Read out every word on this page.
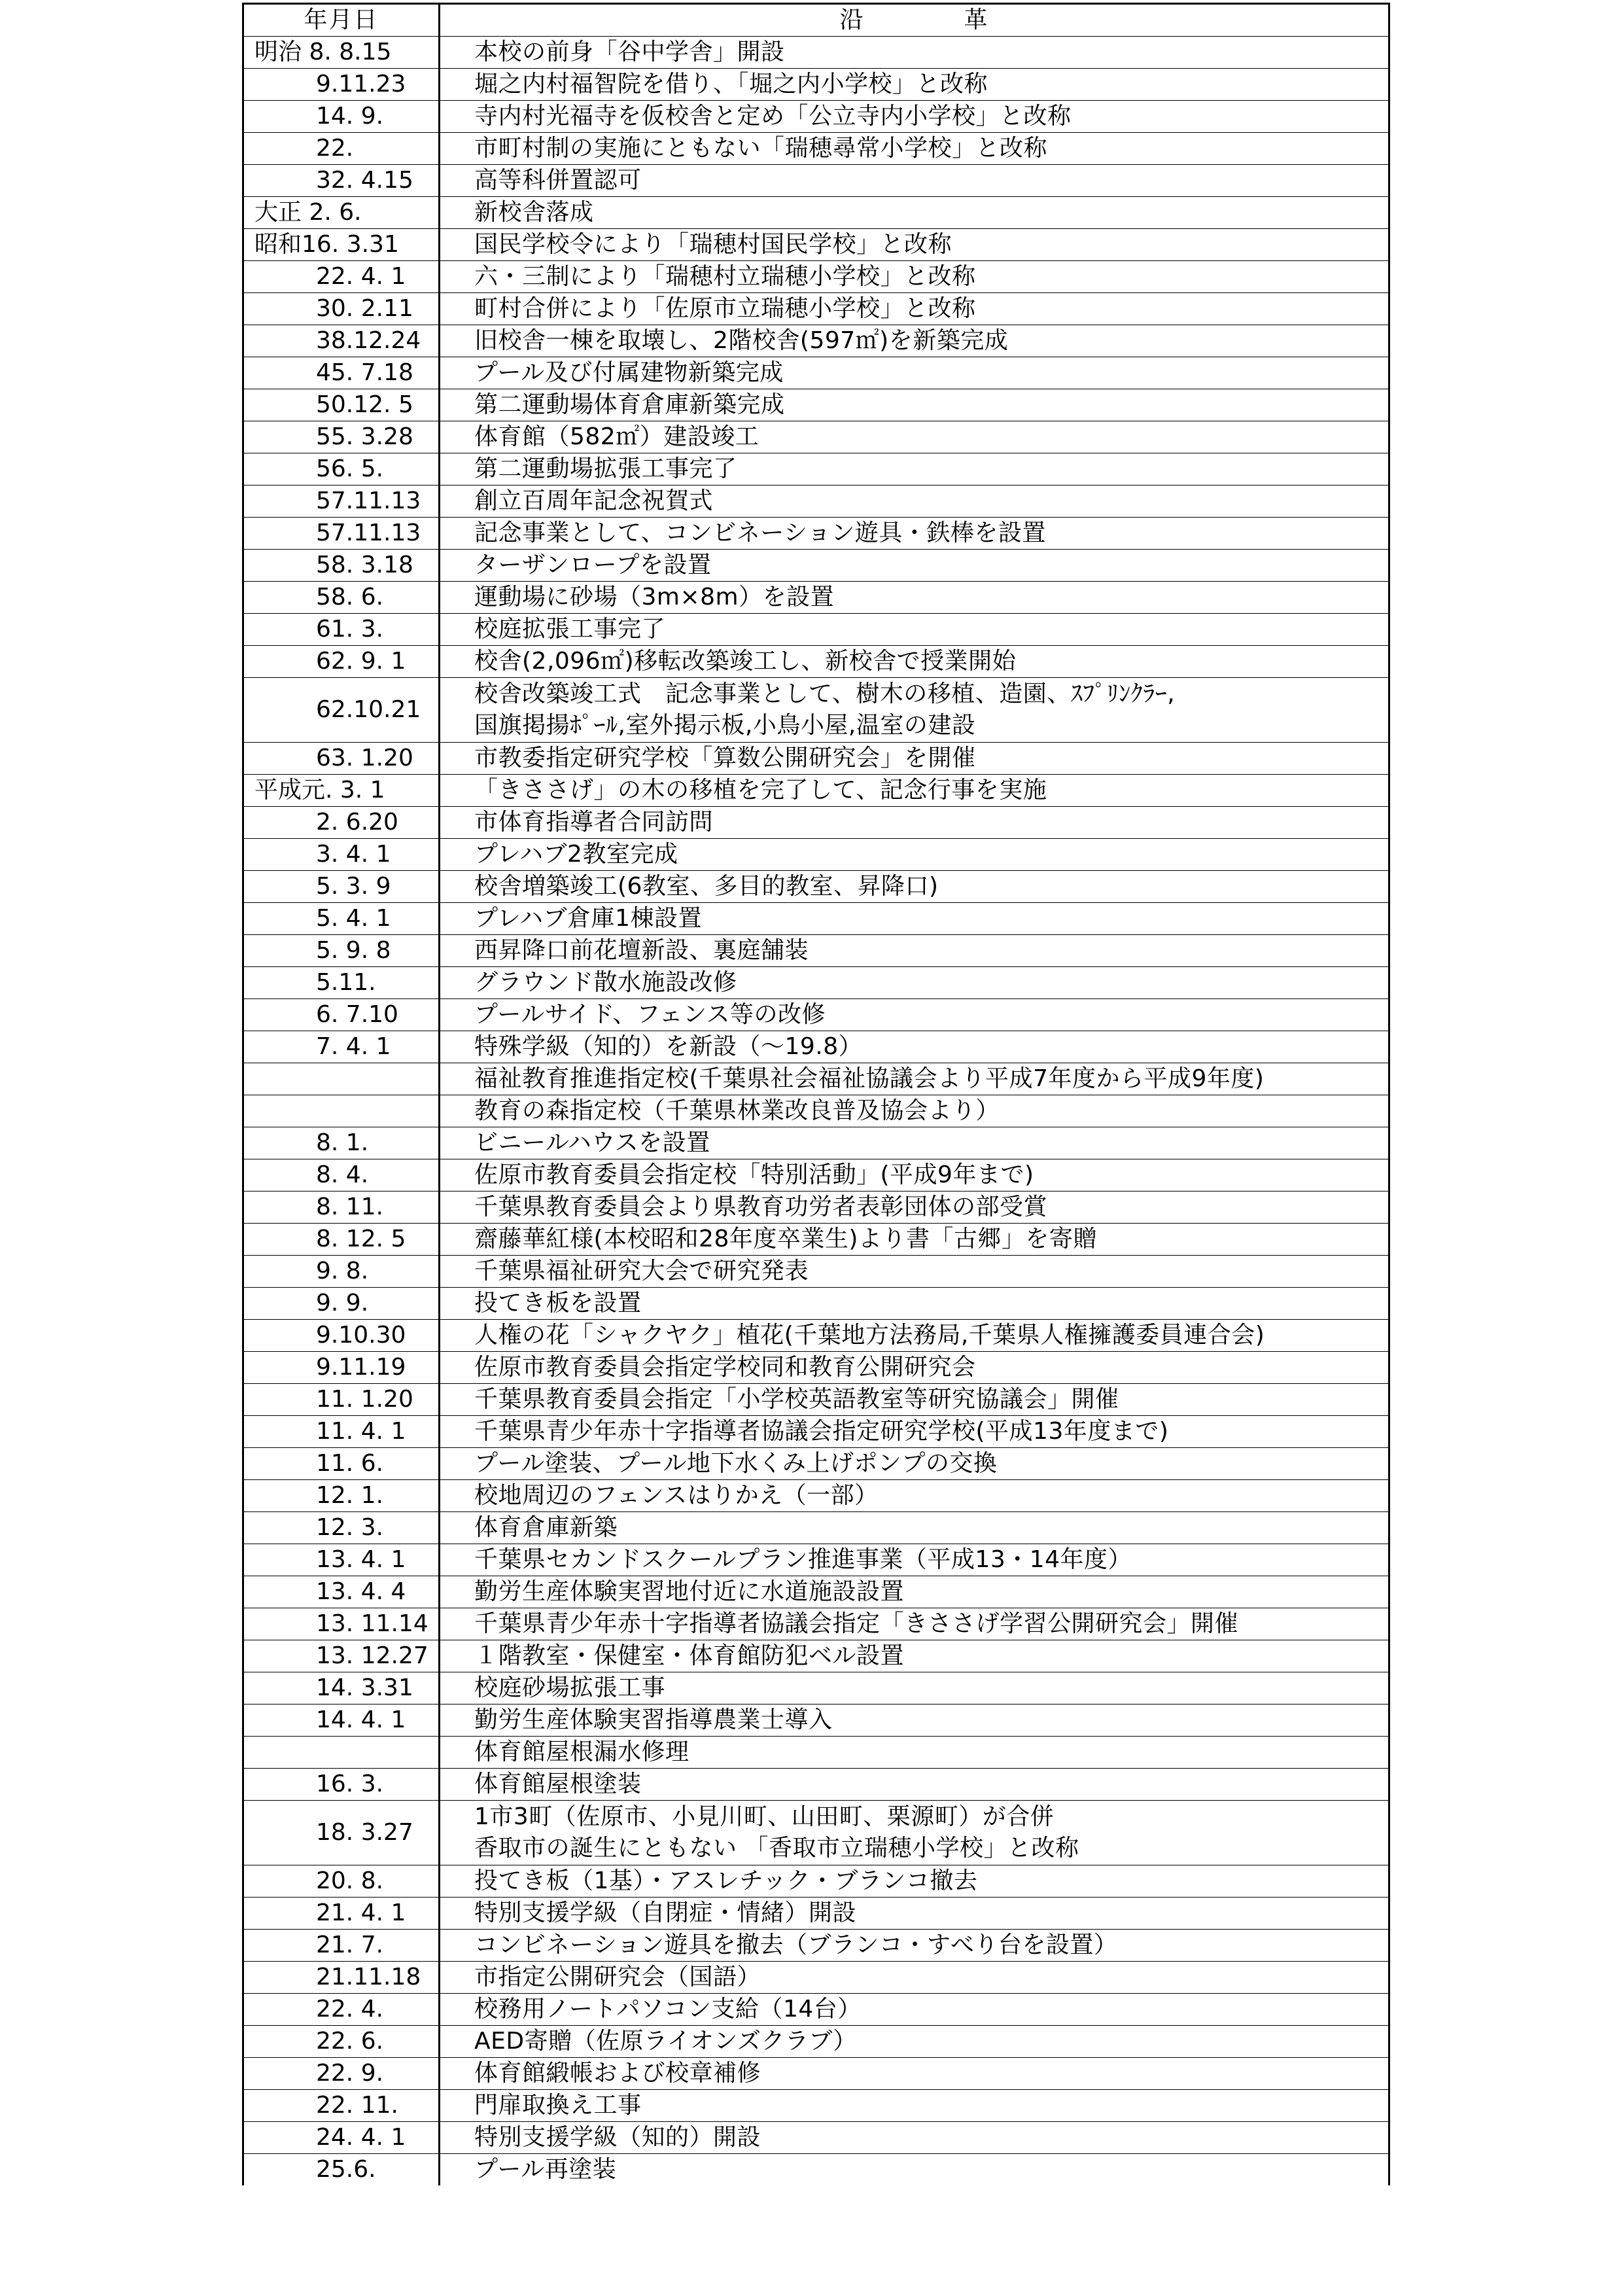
年月日	沿　　　　革
明治 8. 8.15	本校の前身「谷中学舎」開設

9.11.23	堀之内村福智院を借り、「堀之内小学校」と改称

14. 9.	寺内村光福寺を仮校舎と定め「公立寺内小学校」と改称

22.	市町村制の実施にともない「瑞穂尋常小学校」と改称

32. 4.15	高等科併置認可

大正 2. 6.	新校舎落成

昭和16. 3.31	国民学校令により「瑞穂村国民学校」と改称

22. 4. 1	六・三制により「瑞穂村立瑞穂小学校」と改称

30. 2.11	町村合併により「佐原市立瑞穂小学校」と改称

38.12.24	旧校舎一棟を取壊し、2階校舎(597㎡)を新築完成

45. 7.18	プール及び付属建物新築完成

50.12. 5	第二運動場体育倉庫新築完成

55. 3.28	体育館（582㎡）建設竣工

56. 5.	第二運動場拡張工事完了

57.11.13	創立百周年記念祝賀式

57.11.13	記念事業として、コンビネーション遊具・鉄棒を設置

58. 3.18	ターザンロープを設置

58. 6.	運動場に砂場（3m×8m）を設置

61. 3.	校庭拡張工事完了

62. 9. 1	校舎(2,096㎡)移転改築竣工し、新校舎で授業開始

62.10.21	校舎改築竣工式　記念事業として、樹木の移植、造園、ｽﾌﾟﾘﾝｸﾗｰ,
国旗掲揚ﾎﾟｰﾙ,室外掲示板,小鳥小屋,温室の建設

63. 1.20	市教委指定研究学校「算数公開研究会」を開催

平成元. 3. 1	「きささげ」の木の移植を完了して、記念行事を実施

2. 6.20	市体育指導者合同訪問

3. 4. 1	プレハブ2教室完成

5. 3. 9	校舎増築竣工(6教室、多目的教室、昇降口)

5. 4. 1	プレハブ倉庫1棟設置

5. 9. 8	西昇降口前花壇新設、裏庭舗装

5.11.	グラウンド散水施設改修

6. 7.10	プールサイド、フェンス等の改修

7. 4. 1	特殊学級（知的）を新設（～19.8）

	福祉教育推進指定校(千葉県社会福祉協議会より平成7年度から平成9年度)

	教育の森指定校（千葉県林業改良普及協会より）

8. 1.	ビニールハウスを設置

8. 4.	佐原市教育委員会指定校「特別活動」(平成9年まで)

8. 11.	千葉県教育委員会より県教育功労者表彰団体の部受賞

8. 12. 5	齋藤華紅様(本校昭和28年度卒業生)より書「古郷」を寄贈

9. 8.	千葉県福祉研究大会で研究発表

9. 9.	投てき板を設置

9.10.30	人権の花「シャクヤク」植花(千葉地方法務局,千葉県人権擁護委員連合会)

9.11.19	佐原市教育委員会指定学校同和教育公開研究会

11. 1.20	千葉県教育委員会指定「小学校英語教室等研究協議会」開催

11. 4. 1	千葉県青少年赤十字指導者協議会指定研究学校(平成13年度まで)

11. 6.	プール塗装、プール地下水くみ上げポンプの交換

12. 1.	校地周辺のフェンスはりかえ（一部）

12. 3.	体育倉庫新築

13. 4. 1	千葉県セカンドスクールプラン推進事業（平成13・14年度）

13. 4. 4	勤労生産体験実習地付近に水道施設設置

13. 11.14	千葉県青少年赤十字指導者協議会指定「きささげ学習公開研究会」開催

13. 12.27	１階教室・保健室・体育館防犯ベル設置

14. 3.31	校庭砂場拡張工事

14. 4. 1	勤労生産体験実習指導農業士導入

	体育館屋根漏水修理

16. 3.	体育館屋根塗装

18. 3.27	1市3町（佐原市、小見川町、山田町、栗源町）が合併
香取市の誕生にともない 「香取市立瑞穂小学校」と改称

20. 8.	投てき板（1基）・アスレチック・ブランコ撤去

21. 4. 1	特別支援学級（自閉症・情緒）開設

21. 7.	コンビネーション遊具を撤去（ブランコ・すべり台を設置）

21.11.18	市指定公開研究会（国語）

22. 4.	校務用ノートパソコン支給（14台）

22. 6.	AED寄贈（佐原ライオンズクラブ）

22. 9.	体育館緞帳および校章補修

22. 11.	門扉取換え工事

24. 4. 1	特別支援学級（知的）開設

25.6.	プール再塗装
